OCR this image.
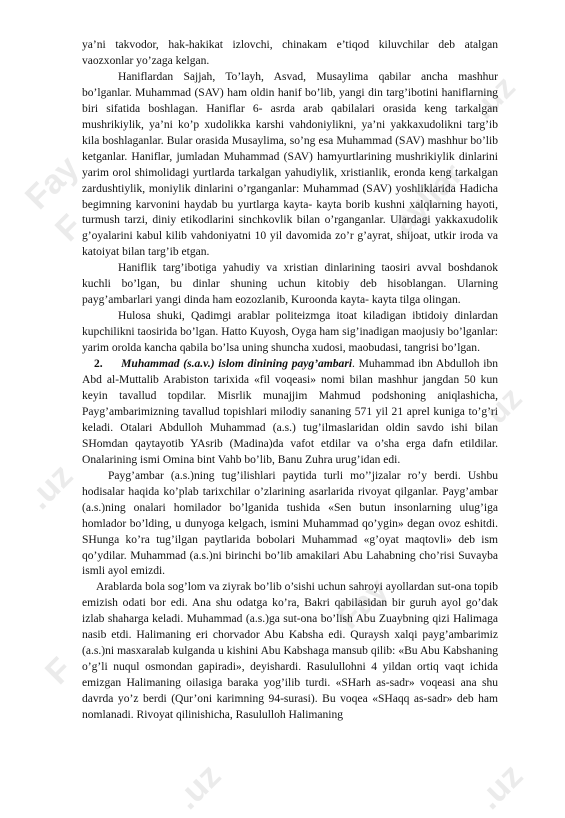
Fay
F	ayllar
.uz
Fay
F
uz
.uz
.uz	.uz

ya’ni takvodor, hak-hakikat izlovchi, chinakam e’tiqod kiluvchilar deb atalgan vaozxonlar yo’zaga kelgan.

Haniflardan Sajjah, To’layh, Asvad, Musaylima qabilar ancha mashhur bo’lganlar. Muhammad (SAV) ham oldin hanif bo’lib, yangi din targ’ibotini haniflarning biri sifatida boshlagan. Haniflar 6- asrda arab qabilalari orasida keng tarkalgan mushrikiylik, ya’ni ko’p xudolikka karshi vahdoniylikni, ya’ni yakkaxudolikni targ’ib kila boshlaganlar. Bular orasida Musaylima, so’ng esa Muhammad (SAV) mashhur bo’lib ketganlar. Haniflar, jumladan Muhammad (SAV) hamyurtlarining mushrikiylik dinlarini yarim orol shimolidagi yurtlarda tarkalgan yahudiylik, xristianlik, eronda keng tarkalgan zardushtiylik, moniylik dinlarini o’rganganlar: Muhammad (SAV) yoshliklarida Hadicha begimning karvonini haydab bu yurtlarga kayta- kayta borib kushni xalqlarning hayoti, turmush tarzi, diniy etikodlarini sinchkovlik bilan o’rganganlar. Ulardagi yakkaxudolik g’oyalarini kabul kilib vahdoniyatni 10 yil davomida zo’r g’ayrat, shijoat, utkir iroda va katoiyat bilan targ’ib etgan.

Haniflik targ’ibotiga yahudiy va xristian dinlarining taosiri avval boshdanok kuchli bo’lgan, bu dinlar shuning uchun kitobiy deb hisoblangan. Ularning payg’ambarlari yangi dinda ham eozozlanib, Kuroonda kayta- kayta tilga olingan.

Hulosa shuki, Qadimgi arablar politeizmga itoat kiladigan ibtidoiy dinlardan kupchilikni taosirida bo’lgan. Hatto Kuyosh, Oyga ham sig’inadigan maojusiy bo’lganlar: yarim orolda kancha qabila bo’lsa uning shuncha xudosi, maobudasi, tangrisi bo’lgan.

2. Muhammad (s.a.v.) islom dinining payg’ambari. Muhammad ibn Abdulloh ibn Abd al-Muttalib Arabiston tarixida «fil voqeasi» nomi bilan mashhur jangdan 50 kun keyin tavallud topdilar. Misrlik munajjim Mahmud podshoning aniqlashicha, Payg’ambarimizning tavallud topishlari milodiy sananing 571 yil 21 aprel kuniga to’g’ri keladi. Otalari Abdulloh Muhammad (a.s.) tug’ilmaslaridan oldin savdo ishi bilan SHomdan qaytayotib YAsrib (Madina)da vafot etdilar va o’sha erga dafn etildilar. Onalarining ismi Omina bint Vahb bo’lib, Banu Zuhra urug’idan edi.

Payg’ambar (a.s.)ning tug’ilishlari paytida turli mo’’jizalar ro’y berdi. Ushbu hodisalar haqida ko’plab tarixchilar o’zlarining asarlarida rivoyat qilganlar. Payg’ambar (a.s.)ning onalari homilador bo’lganida tushida «Sen butun insonlarning ulug’iga homlador bo’lding, u dunyoga kelgach, ismini Muhammad qo’ygin» degan ovoz eshitdi. SHunga ko’ra tug’ilgan paytlarida bobolari Muhammad «g’oyat maqtovli» deb ism qo’ydilar. Muhammad (a.s.)ni birinchi bo’lib amakilari Abu Lahabning cho’risi Suvayba ismli ayol emizdi.

Arablarda bola sog’lom va ziyrak bo’lib o’sishi uchun sahroyi ayollardan sut-ona topib emizish odati bor edi. Ana shu odatga ko’ra, Bakri qabilasidan bir guruh ayol go’dak izlab shaharga keladi. Muhammad (a.s.)ga sut-ona bo’lish Abu Zuaybning qizi Halimaga nasib etdi. Halimaning eri chorvador Abu Kabsha edi. Quraysh xalqi payg’ambarimiz (a.s.)ni masxaralab kulganda u kishini Abu Kabshaga mansub qilib: «Bu Abu Kabshaning o’g’li nuqul osmondan gapiradi», deyishardi. Rasulullohni 4 yildan ortiq vaqt ichida emizgan Halimaning oilasiga baraka yog’ilib turdi. «SHarh as-sadr» voqeasi ana shu davrda yo’z berdi (Qur’oni karimning 94-surasi). Bu voqea «SHaqq as-sadr» deb ham nomlanadi. Rivoyat qilinishicha, Rasululloh Halimaning
